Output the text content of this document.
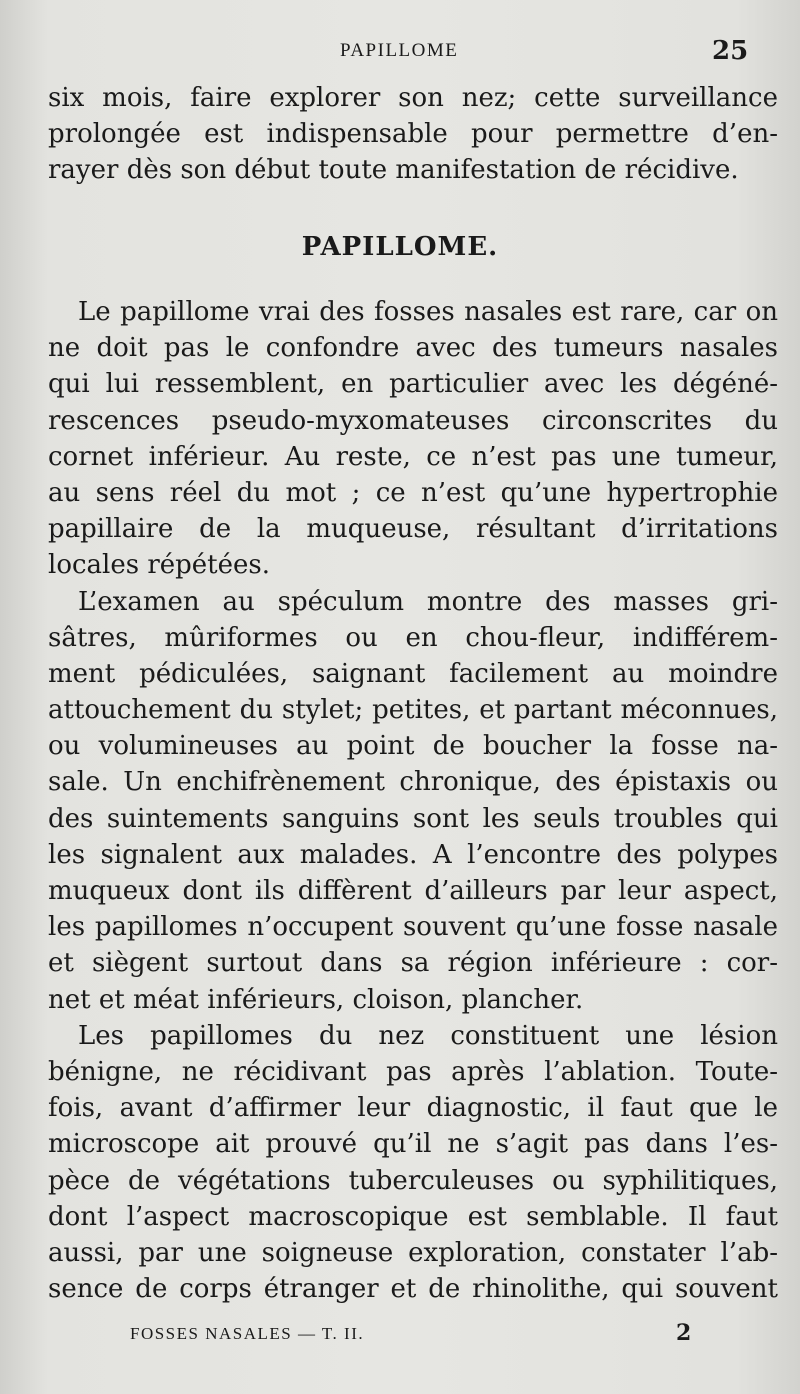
PAPILLOME	25
six mois, faire explorer son nez; cette surveillance
prolongée est indispensable pour permettre d’en-
rayer dès son début toute manifestation de récidive.
PAPILLOME.
Le papillome vrai des fosses nasales est rare, car on
ne doit pas le confondre avec des tumeurs nasales
qui lui ressemblent, en particulier avec les dégéné-
rescences pseudo-myxomateuses circonscrites du
cornet inférieur. Au reste, ce n’est pas une tumeur,
au sens réel du mot ; ce n’est qu’une hypertrophie
papillaire de la muqueuse, résultant d’irritations
locales répétées.
L’examen au spéculum montre des masses gri-
sâtres, mûriformes ou en chou-fleur, indifférem-
ment pédiculées, saignant facilement au moindre
attouchement du stylet; petites, et partant méconnues,
ou volumineuses au point de boucher la fosse na-
sale. Un enchifrènement chronique, des épistaxis ou
des suintements sanguins sont les seuls troubles qui
les signalent aux malades. A l’encontre des polypes
muqueux dont ils diffèrent d’ailleurs par leur aspect,
les papillomes n’occupent souvent qu’une fosse nasale
et siègent surtout dans sa région inférieure : cor-
net et méat inférieurs, cloison, plancher.
Les papillomes du nez constituent une lésion
bénigne, ne récidivant pas après l’ablation. Toute-
fois, avant d’affirmer leur diagnostic, il faut que le
microscope ait prouvé qu’il ne s’agit pas dans l’es-
pèce de végétations tuberculeuses ou syphilitiques,
dont l’aspect macroscopique est semblable. Il faut
aussi, par une soigneuse exploration, constater l’ab-
sence de corps étranger et de rhinolithe, qui souvent
FOSSES NASALES — T. II.	2
